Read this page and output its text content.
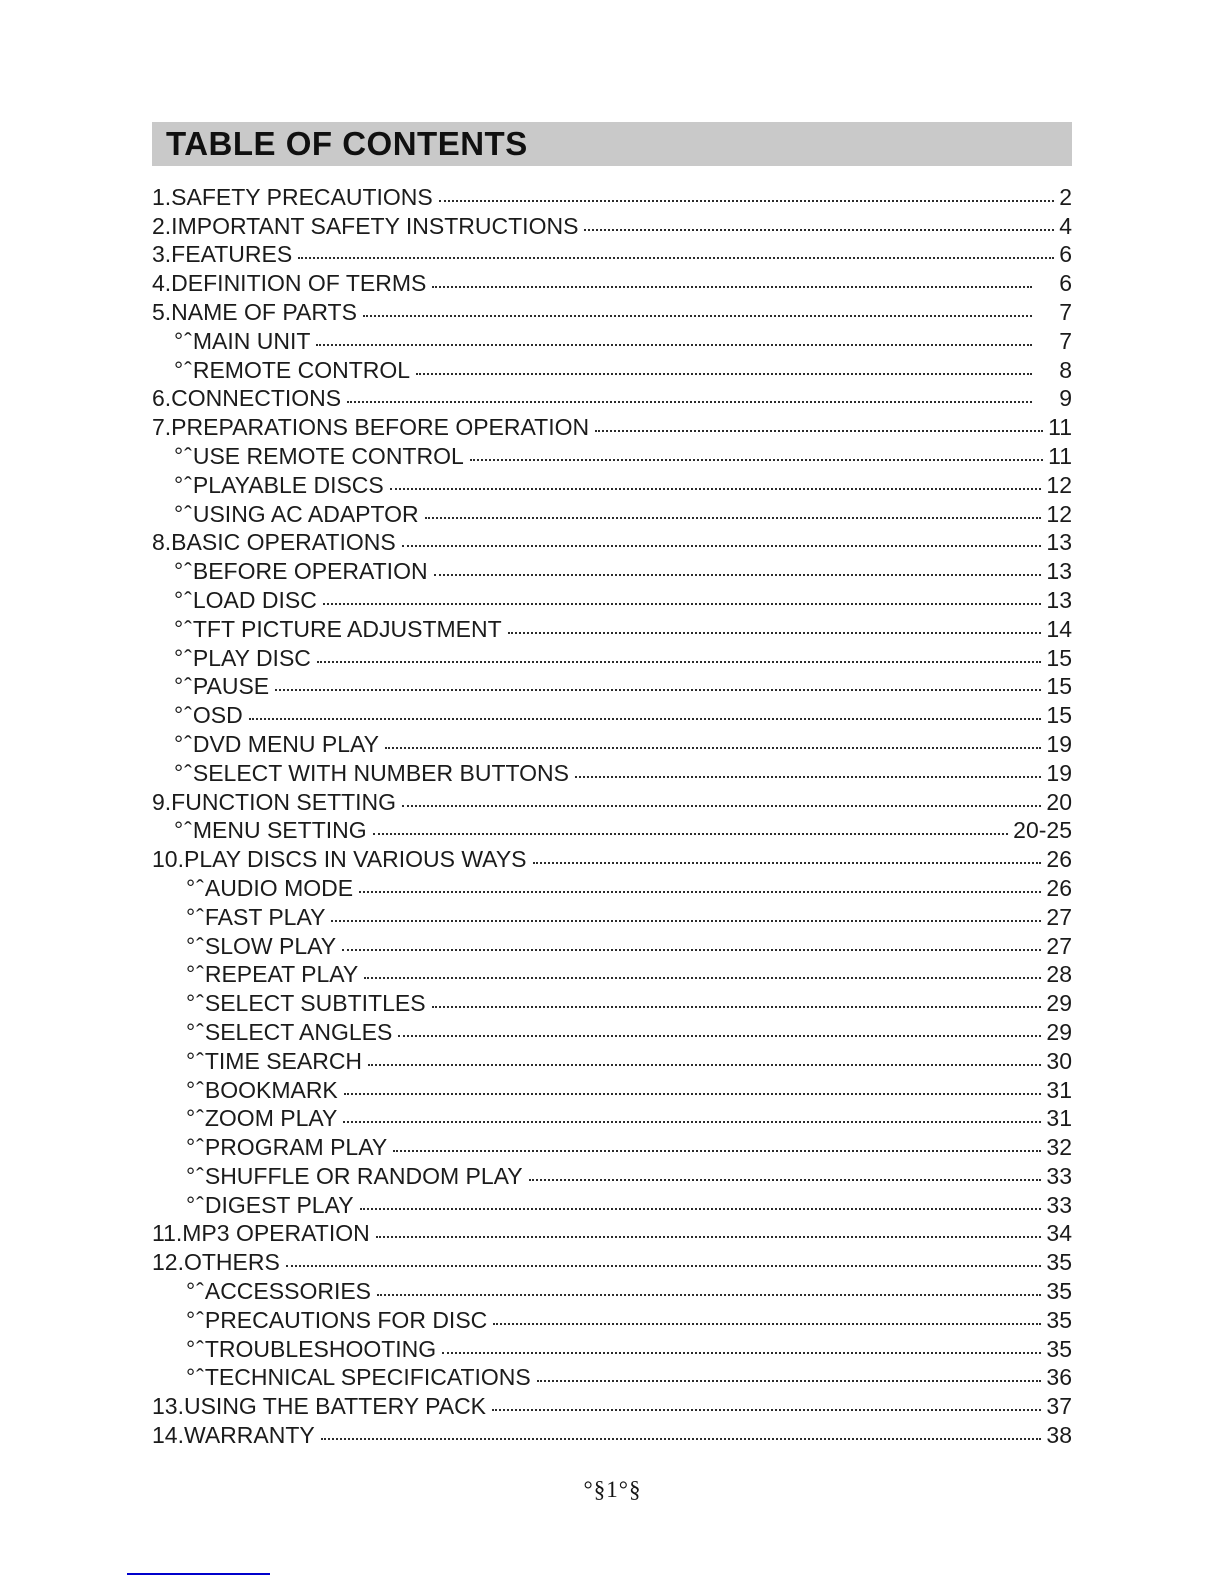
TABLE OF CONTENTS
1.SAFETY PRECAUTIONS	2
2.IMPORTANT SAFETY INSTRUCTIONS	4
3.FEATURES	6
4.DEFINITION OF TERMS	6
5.NAME OF PARTS	7
°ˆ MAIN UNIT	7
°ˆ REMOTE CONTROL	8
6.CONNECTIONS	9
7.PREPARATIONS BEFORE OPERATION	11
°ˆ USE REMOTE CONTROL	11
°ˆ PLAYABLE DISCS	12
°ˆ USING AC ADAPTOR	12
8.BASIC OPERATIONS	13
°ˆ BEFORE OPERATION	13
°ˆ LOAD DISC	13
°ˆ TFT PICTURE ADJUSTMENT	14
°ˆ PLAY DISC	15
°ˆ PAUSE	15
°ˆ OSD	15
°ˆ DVD MENU PLAY	19
°ˆ SELECT WITH NUMBER BUTTONS	19
9.FUNCTION SETTING	20
°ˆ MENU SETTING	20-25
10.PLAY DISCS IN VARIOUS WAYS	26
°ˆ AUDIO MODE	26
°ˆ FAST PLAY	27
°ˆ SLOW PLAY	27
°ˆ REPEAT PLAY	28
°ˆ SELECT SUBTITLES	29
°ˆ SELECT ANGLES	29
°ˆ TIME SEARCH	30
°ˆ BOOKMARK	31
°ˆ ZOOM PLAY	31
°ˆ PROGRAM PLAY	32
°ˆ SHUFFLE OR RANDOM PLAY	33
°ˆ DIGEST PLAY	33
11.MP3 OPERATION	34
12.OTHERS	35
°ˆ ACCESSORIES	35
°ˆ PRECAUTIONS FOR DISC	35
°ˆ TROUBLESHOOTING	35
°ˆ TECHNICAL SPECIFICATIONS	36
13.USING THE BATTERY PACK	37
14.WARRANTY	38
°§1°§
